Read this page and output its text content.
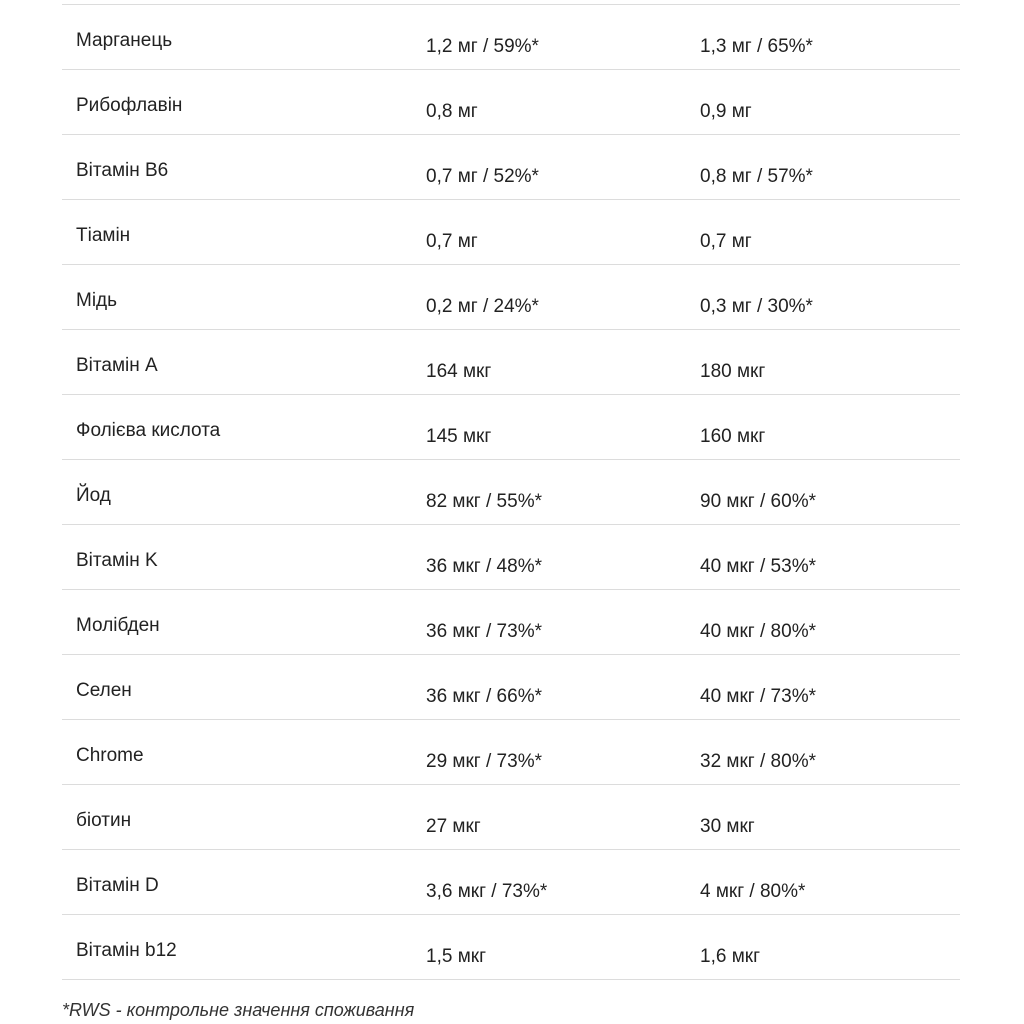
Марганець	1,2 мг / 59%*	1,3 мг / 65%*
Рибофлавін	0,8 мг	0,9 мг
Вітамін B6	0,7 мг / 52%*	0,8 мг / 57%*
Тіамін	0,7 мг	0,7 мг
Мідь	0,2 мг / 24%*	0,3 мг / 30%*
Вітамін A	164 мкг	180 мкг
Фолієва кислота	145 мкг	160 мкг
Йод	82 мкг / 55%*	90 мкг / 60%*
Вітамін K	36 мкг / 48%*	40 мкг / 53%*
Молібден	36 мкг / 73%*	40 мкг / 80%*
Селен	36 мкг / 66%*	40 мкг / 73%*
Chrome	29 мкг / 73%*	32 мкг / 80%*
біотин	27 мкг	30 мкг
Вітамін D	3,6 мкг / 73%*	4 мкг / 80%*
Вітамін b12	1,5 мкг	1,6 мкг
*RWS - контрольне значення споживання
